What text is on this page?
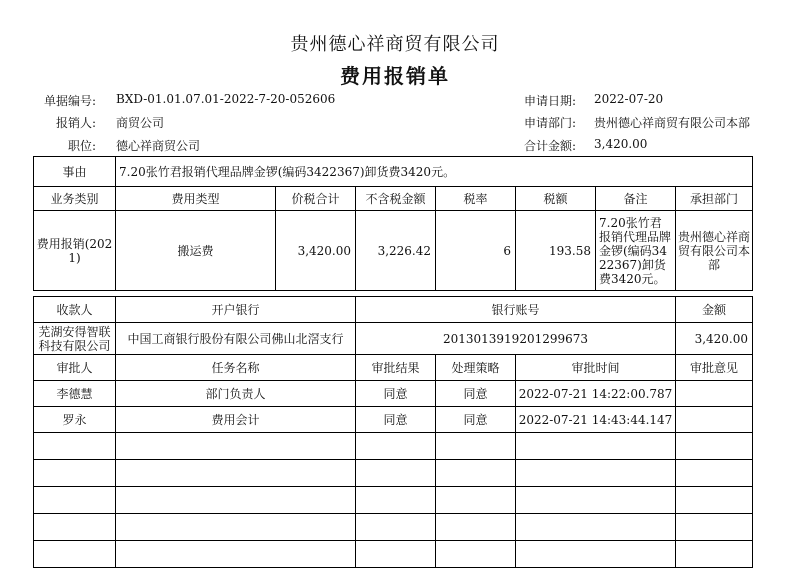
贵州德心祥商贸有限公司
费用报销单
单据编号: BXD-01.01.07.01-2022-7-20-052606	申请日期: 2022-07-20
报销人: 商贸公司	申请部门: 贵州德心祥商贸有限公司本部
职位: 德心祥商贸公司	合计金额: 3,420.00
事由	7.20张竹君报销代理品牌金锣(编码3422367)卸货费3420元。						
业务类别	费用类型	价税合计	不含税金额	税率	税额	备注	承担部门
费用报销(2021)	搬运费	3,420.00	3,226.42	6	193.58	7.20张竹君报销代理品牌金锣(编码3422367)卸货费3420元。	贵州德心祥商贸有限公司本部
收款人	开户银行	银行账号			金额
芜湖安得智联科技有限公司	中国工商银行股份有限公司佛山北滘支行	2013013919201299673			3,420.00
审批人	任务名称	审批结果	处理策略	审批时间	审批意见
李德慧	部门负责人	同意	同意	2022-07-21 14:22:00.787	
罗永	费用会计	同意	同意	2022-07-21 14:43:44.147	
